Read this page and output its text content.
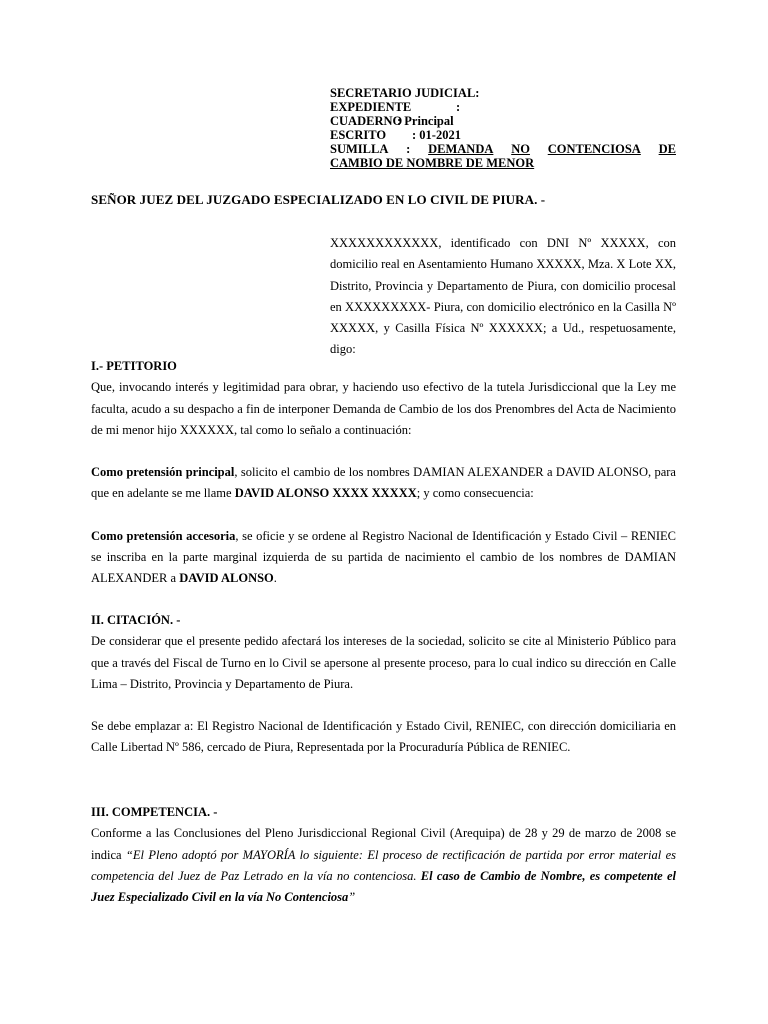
SECRETARIO JUDICIAL:
EXPEDIENTE	:
CUADERNO
: Principal
ESCRITO	: 01-2021
SUMILLA : DEMANDA NO CONTENCIOSA DE
CAMBIO DE NOMBRE DE MENOR
SEÑOR JUEZ DEL JUZGADO ESPECIALIZADO EN LO CIVIL DE PIURA. -
XXXXXXXXXXXX, identificado con DNI Nº XXXXX, con domicilio real en Asentamiento Humano XXXXX, Mza. X Lote XX, Distrito, Provincia y Departamento de Piura, con domicilio procesal en XXXXXXXXX- Piura, con domicilio electrónico en la Casilla Nº XXXXX, y Casilla Física Nº XXXXXX; a Ud., respetuosamente, digo:
I.- PETITORIO
Que, invocando interés y legitimidad para obrar, y haciendo uso efectivo de la tutela Jurisdiccional que la Ley me faculta, acudo a su despacho a fin de interponer Demanda de Cambio de los dos Prenombres del Acta de Nacimiento de mi menor hijo XXXXXX, tal como lo señalo a continuación:
Como pretensión principal, solicito el cambio de los nombres DAMIAN ALEXANDER a DAVID ALONSO, para que en adelante se me llame DAVID ALONSO XXXX XXXXX; y como consecuencia:
Como pretensión accesoria, se oficie y se ordene al Registro Nacional de Identificación y Estado Civil – RENIEC se inscriba en la parte marginal izquierda de su partida de nacimiento el cambio de los nombres de DAMIAN ALEXANDER a DAVID ALONSO.
II. CITACIÓN. -
De considerar que el presente pedido afectará los intereses de la sociedad, solicito se cite al Ministerio Público para que a través del Fiscal de Turno en lo Civil se apersone al presente proceso, para lo cual indico su dirección en Calle Lima – Distrito, Provincia y Departamento de Piura.
Se debe emplazar a: El Registro Nacional de Identificación y Estado Civil, RENIEC, con dirección domiciliaria en Calle Libertad Nº 586, cercado de Piura, Representada por la Procuraduría Pública de RENIEC.
III. COMPETENCIA. -
Conforme a las Conclusiones del Pleno Jurisdiccional Regional Civil (Arequipa) de 28 y 29 de marzo de 2008 se indica “El Pleno adoptó por MAYORÍA lo siguiente: El proceso de rectificación de partida por error material es competencia del Juez de Paz Letrado en la vía no contenciosa. El caso de Cambio de Nombre, es competente el Juez Especializado Civil en la vía No Contenciosa”
